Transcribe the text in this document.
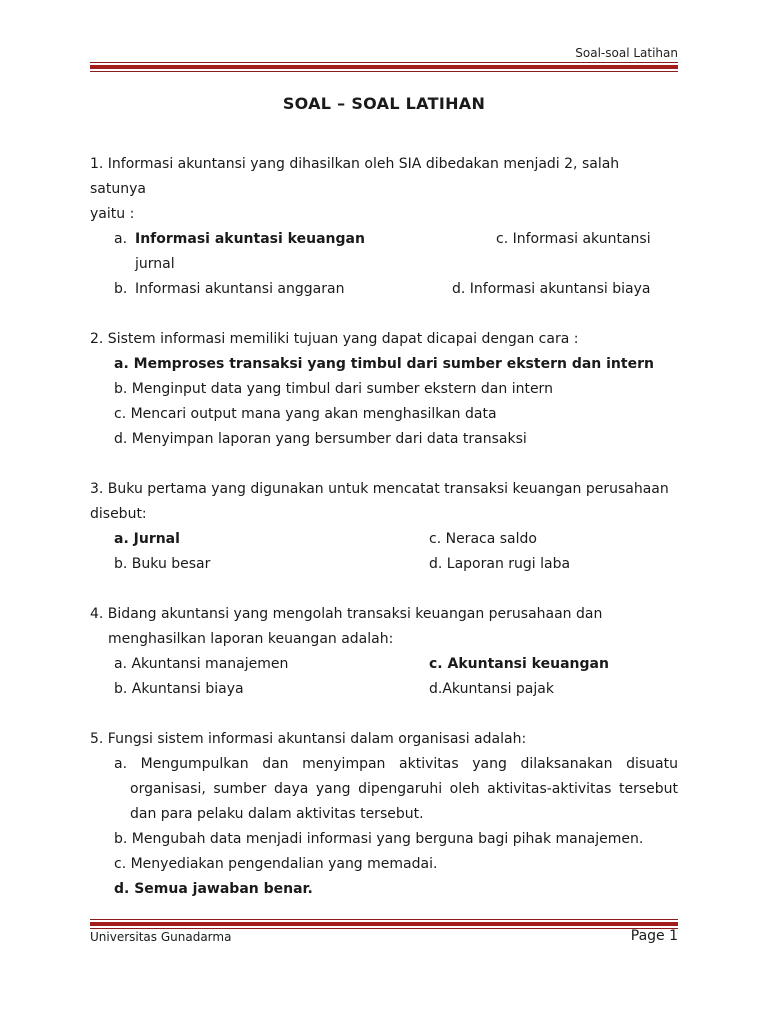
Soal-soal Latihan
SOAL – SOAL LATIHAN
1. Informasi akuntansi yang dihasilkan oleh SIA dibedakan menjadi 2, salah satunya
yaitu :
a. Informasi akuntasi keuangan	c. Informasi akuntansi
jurnal
b. Informasi akuntansi anggaran	d. Informasi akuntansi biaya
2. Sistem informasi memiliki tujuan yang dapat dicapai dengan cara :
a. Memproses transaksi yang timbul dari sumber ekstern dan intern
b. Menginput data yang timbul dari sumber ekstern dan intern
c. Mencari output mana yang akan menghasilkan data
d. Menyimpan laporan yang bersumber dari data transaksi
3. Buku pertama yang digunakan untuk mencatat transaksi keuangan perusahaan
disebut:
a. Jurnal	c. Neraca saldo
b. Buku besar	d. Laporan rugi laba
4. Bidang akuntansi yang mengolah transaksi keuangan perusahaan dan
menghasilkan laporan keuangan adalah:
a. Akuntansi manajemen	c. Akuntansi keuangan
b. Akuntansi biaya	d.Akuntansi pajak
5. Fungsi sistem informasi akuntansi dalam organisasi adalah:
a. Mengumpulkan dan menyimpan aktivitas yang dilaksanakan disuatu organisasi, sumber daya yang dipengaruhi oleh aktivitas-aktivitas tersebut dan para pelaku dalam aktivitas tersebut.
b. Mengubah data menjadi informasi yang berguna bagi pihak manajemen.
c. Menyediakan pengendalian yang memadai.
d. Semua jawaban benar.
Universitas Gunadarma	Page 1
